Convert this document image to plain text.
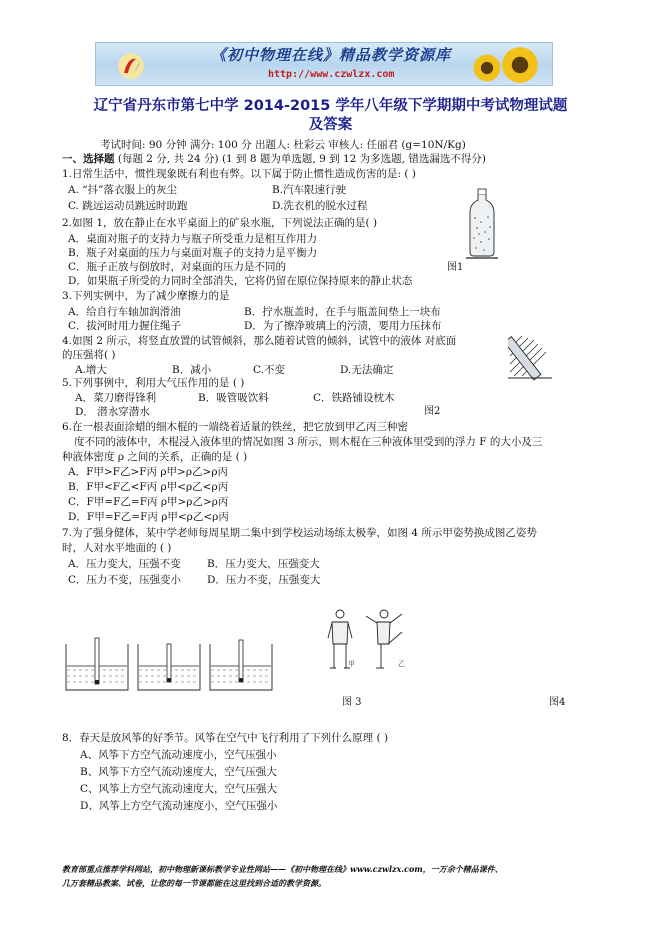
《初中物理在线》精品教学资源库
http://www.czwlzx.com
辽宁省丹东市第七中学 2014-2015 学年八年级下学期期中考试物理试题
及答案
考试时间: 90 分钟 满分: 100 分 出题人: 杜彩云 审核人: 任丽君 (g=10N/Kg)
一、选择题 (每题 2 分, 共 24 分) (1 到 8 题为单选题, 9 到 12 为多选题, 错选漏选不得分)
1.日常生活中，惯性现象既有利也有弊。以下属于防止惯性造成伤害的是: ( )
A. “抖”落衣服上的灰尘	B.汽车限速行驶
C. 跳远运动员跳远时助跑	D.洗衣机的脱水过程
2.如图 1，放在静止在水平桌面上的矿泉水瓶，下列说法正确的是( )
A．桌面对瓶子的支持力与瓶子所受重力是相互作用力
B．瓶子对桌面的压力与桌面对瓶子的支持力是平衡力
C．瓶子正放与倒放时，对桌面的压力是不同的	图1
D．如果瓶子所受的力同时全部消失，它将仍留在原位保持原来的静止状态
3.下列实例中，为了减少摩擦力的是
A．给自行车轴加润滑油	B．拧水瓶盖时，在手与瓶盖间垫上一块布
C．拔河时用力握住绳子	D．为了擦净玻璃上的污渍，要用力压抹布
4.如图 2 所示，将竖直放置的试管倾斜，那么随着试管的倾斜，试管中的液体 对底面
的压强将( )
A.增大	B．减小	C.不变	D.无法确定
图2
5.下列事例中，利用大气压作用的是 ( )
A．菜刀磨得锋利	B．吸管吸饮料	C．铁路铺设枕木
D． 潜水穿潜水
6.在一根表面涂蜡的细木棍的一端绕着适量的铁丝，把它放到甲乙丙三种密
度不同的液体中，木棍浸入液体里的情况如图 3 所示，则木棍在三种液体里受到的浮力 F 的大小及三
种液体密度 ρ 之间的关系，正确的是 ( )
A．F甲>F乙>F丙 ρ甲>ρ乙>ρ丙
B．F甲<F乙<F丙 ρ甲<ρ乙<ρ丙
C．F甲=F乙=F丙 ρ甲>ρ乙>ρ丙
D．F甲=F乙=F丙 ρ甲<ρ乙<ρ丙
7.为了强身健体，某中学老师每周星期二集中到学校运动场练太极拳，如图 4 所示甲姿势换成图乙姿势
时，人对水平地面的 ( )
A．压力变大，压强不变	B．压力变大，压强变大
C．压力不变，压强变小 D．压力不变，压强变大
甲	乙
图 3	图4
8．春天是放风筝的好季节。风筝在空气中飞行利用了下列什么原理 ( )
A、风筝下方空气流动速度小，空气压强小
B、风筝下方空气流动速度大，空气压强大
C、风筝上方空气流动速度大，空气压强大
D、风筝上方空气流动速度小，空气压强小
教育部重点推荐学科网站，初中物理新课标教学专业性网站——《初中物理在线》www.czwlzx.com，一万余个精品课件、
几万套精品教案、试卷，让您的每一节课都能在这里找到合适的教学资源。
